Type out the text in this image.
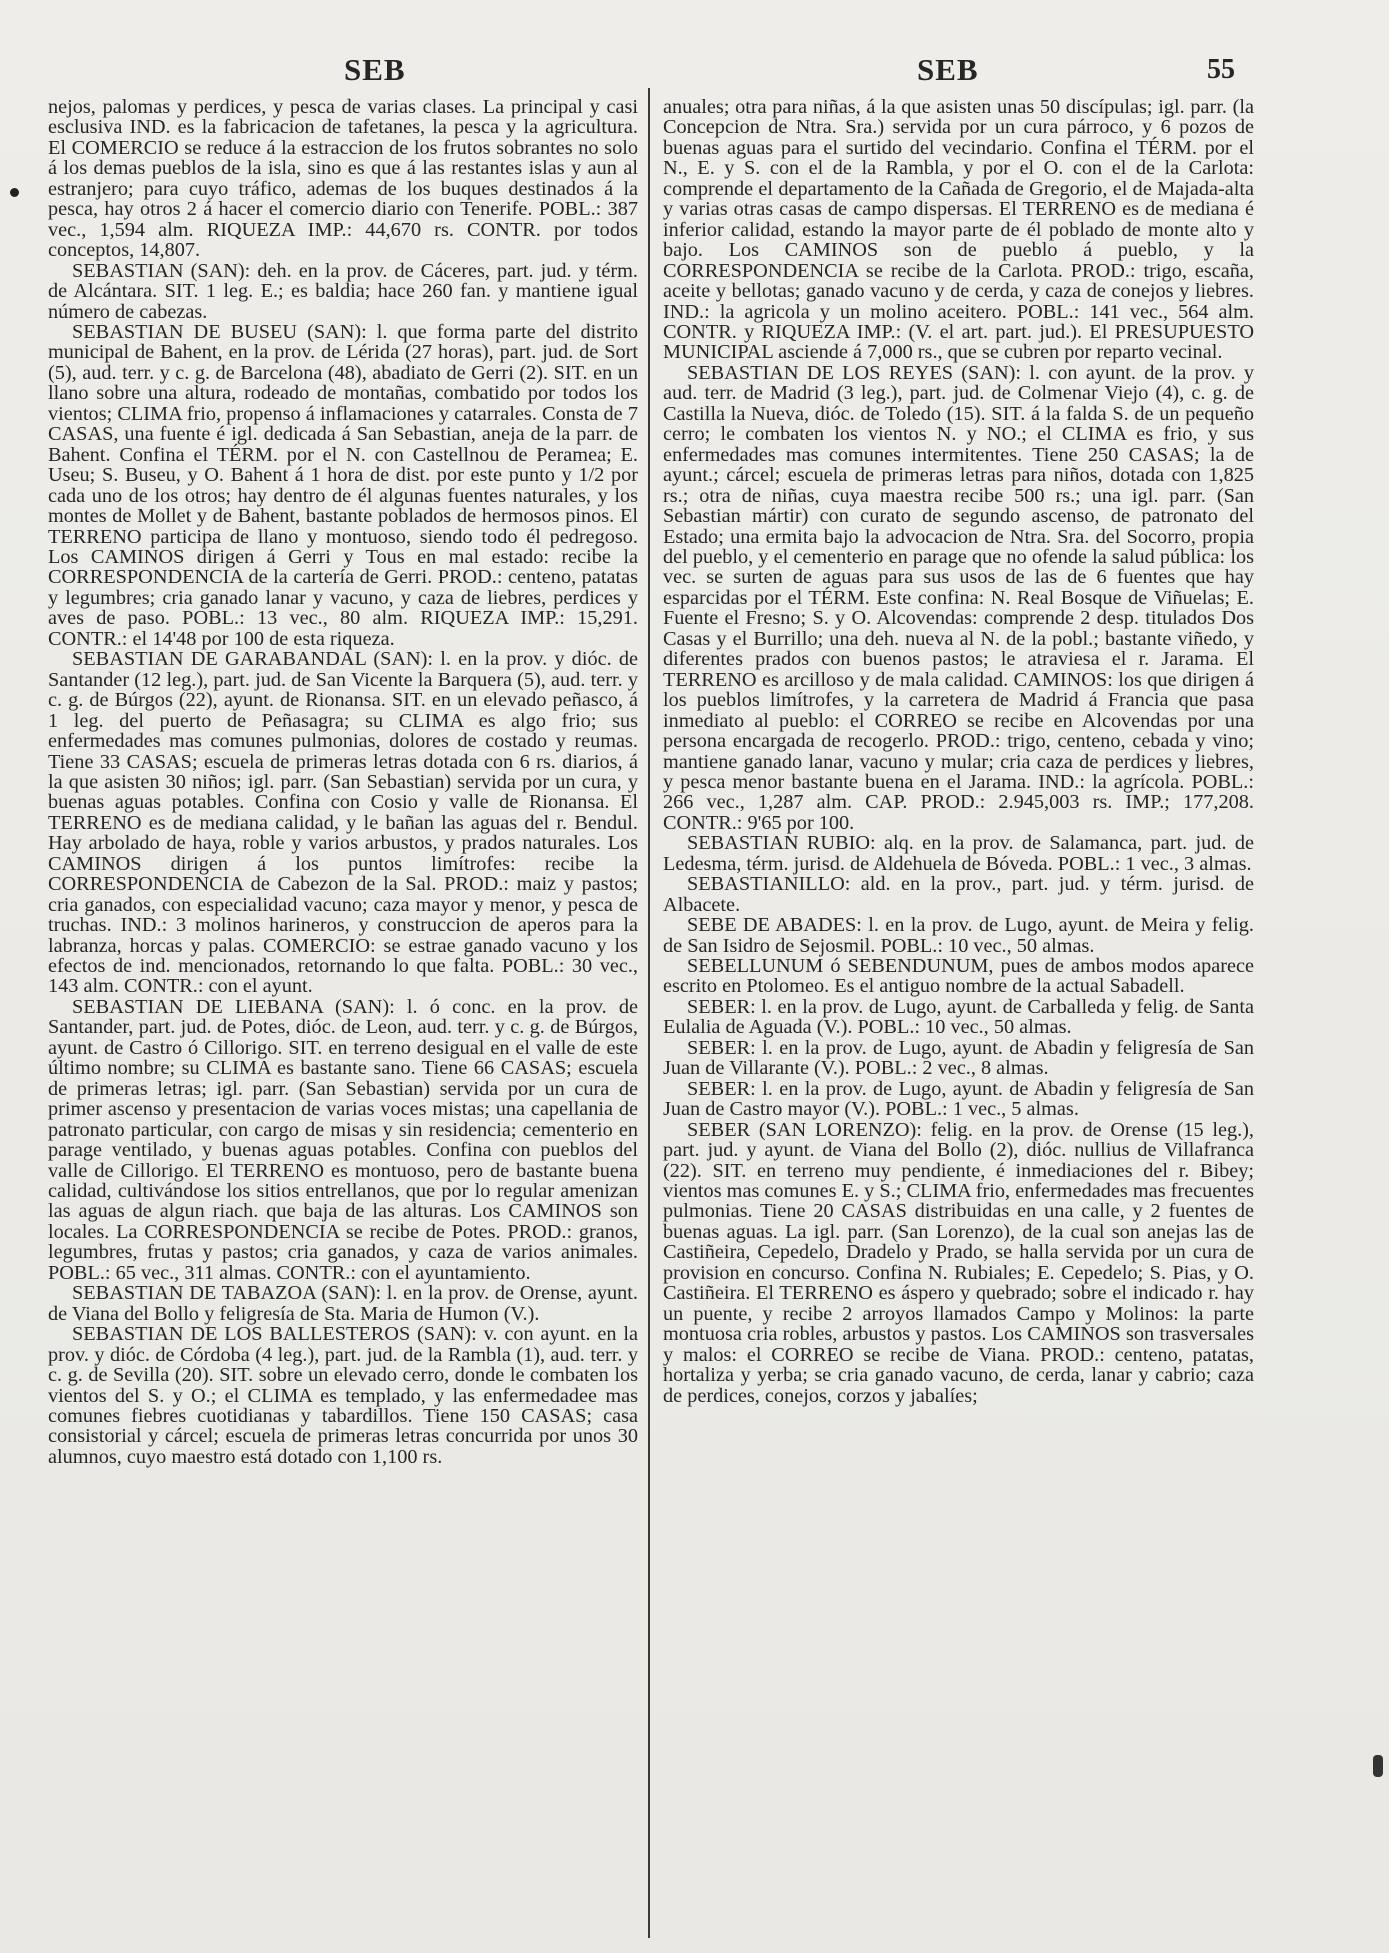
SEB	SEB	55

nejos, palomas y perdices, y pesca de varias clases. La principal y casi esclusiva IND. es la fabricacion de tafetanes, la pesca y la agricultura. El COMERCIO se reduce á la estraccion de los frutos sobrantes no solo á los demas pueblos de la isla, sino es que á las restantes islas y aun al estranjero; para cuyo tráfico, ademas de los buques destinados á la pesca, hay otros 2 á hacer el comercio diario con Tenerife. POBL.: 387 vec., 1,594 alm. RIQUEZA IMP.: 44,670 rs. CONTR. por todos conceptos, 14,807.

SEBASTIAN (SAN): deh. en la prov. de Cáceres, part. jud. y térm. de Alcántara. SIT. 1 leg. E.; es baldia; hace 260 fan. y mantiene igual número de cabezas.

SEBASTIAN DE BUSEU (SAN): l. que forma parte del distrito municipal de Bahent, en la prov. de Lérida (27 horas), part. jud. de Sort (5), aud. terr. y c. g. de Barcelona (48), abadiato de Gerri (2). SIT. en un llano sobre una altura, rodeado de montañas, combatido por todos los vientos; CLIMA frio, propenso á inflamaciones y catarrales. Consta de 7 CASAS, una fuente é igl. dedicada á San Sebastian, aneja de la parr. de Bahent. Confina el TÉRM. por el N. con Castellnou de Peramea; E. Useu; S. Buseu, y O. Bahent á 1 hora de dist. por este punto y 1/2 por cada uno de los otros; hay dentro de él algunas fuentes naturales, y los montes de Mollet y de Bahent, bastante poblados de hermosos pinos. El TERRENO participa de llano y montuoso, siendo todo él pedregoso. Los CAMINOS dirigen á Gerri y Tous en mal estado: recibe la CORRESPONDENCIA de la cartería de Gerri. PROD.: centeno, patatas y legumbres; cria ganado lanar y vacuno, y caza de liebres, perdices y aves de paso. POBL.: 13 vec., 80 alm. RIQUEZA IMP.: 15,291. CONTR.: el 14'48 por 100 de esta riqueza.

SEBASTIAN DE GARABANDAL (SAN): l. en la prov. y dióc. de Santander (12 leg.), part. jud. de San Vicente la Barquera (5), aud. terr. y c. g. de Búrgos (22), ayunt. de Rionansa. SIT. en un elevado peñasco, á 1 leg. del puerto de Peñasagra; su CLIMA es algo frio; sus enfermedades mas comunes pulmonias, dolores de costado y reumas. Tiene 33 CASAS; escuela de primeras letras dotada con 6 rs. diarios, á la que asisten 30 niños; igl. parr. (San Sebastian) servida por un cura, y buenas aguas potables. Confina con Cosio y valle de Rionansa. El TERRENO es de mediana calidad, y le bañan las aguas del r. Bendul. Hay arbolado de haya, roble y varios arbustos, y prados naturales. Los CAMINOS dirigen á los puntos limítrofes: recibe la CORRESPONDENCIA de Cabezon de la Sal. PROD.: maiz y pastos; cria ganados, con especialidad vacuno; caza mayor y menor, y pesca de truchas. IND.: 3 molinos harineros, y construccion de aperos para la labranza, horcas y palas. COMERCIO: se estrae ganado vacuno y los efectos de ind. mencionados, retornando lo que falta. POBL.: 30 vec., 143 alm. CONTR.: con el ayunt.

SEBASTIAN DE LIEBANA (SAN): l. ó conc. en la prov. de Santander, part. jud. de Potes, dióc. de Leon, aud. terr. y c. g. de Búrgos, ayunt. de Castro ó Cillorigo. SIT. en terreno desigual en el valle de este último nombre; su CLIMA es bastante sano. Tiene 66 CASAS; escuela de primeras letras; igl. parr. (San Sebastian) servida por un cura de primer ascenso y presentacion de varias voces mistas; una capellania de patronato particular, con cargo de misas y sin residencia; cementerio en parage ventilado, y buenas aguas potables. Confina con pueblos del valle de Cillorigo. El TERRENO es montuoso, pero de bastante buena calidad, cultivándose los sitios entrellanos, que por lo regular amenizan las aguas de algun riach. que baja de las alturas. Los CAMINOS son locales. La CORRESPONDENCIA se recibe de Potes. PROD.: granos, legumbres, frutas y pastos; cria ganados, y caza de varios animales. POBL.: 65 vec., 311 almas. CONTR.: con el ayuntamiento.

SEBASTIAN DE TABAZOA (SAN): l. en la prov. de Orense, ayunt. de Viana del Bollo y feligresía de Sta. Maria de Humon (V.).

SEBASTIAN DE LOS BALLESTEROS (SAN): v. con ayunt. en la prov. y dióc. de Córdoba (4 leg.), part. jud. de la Rambla (1), aud. terr. y c. g. de Sevilla (20). SIT. sobre un elevado cerro, donde le combaten los vientos del S. y O.; el CLIMA es templado, y las enfermedadee mas comunes fiebres cuotidianas y tabardillos. Tiene 150 CASAS; casa consistorial y cárcel; escuela de primeras letras concurrida por unos 30 alumnos, cuyo maestro está dotado con 1,100 rs.

anuales; otra para niñas, á la que asisten unas 50 discípulas; igl. parr. (la Concepcion de Ntra. Sra.) servida por un cura párroco, y 6 pozos de buenas aguas para el surtido del vecindario. Confina el TÉRM. por el N., E. y S. con el de la Rambla, y por el O. con el de la Carlota: comprende el departamento de la Cañada de Gregorio, el de Majada-alta y varias otras casas de campo dispersas. El TERRENO es de mediana é inferior calidad, estando la mayor parte de él poblado de monte alto y bajo. Los CAMINOS son de pueblo á pueblo, y la CORRESPONDENCIA se recibe de la Carlota. PROD.: trigo, escaña, aceite y bellotas; ganado vacuno y de cerda, y caza de conejos y liebres. IND.: la agricola y un molino aceitero. POBL.: 141 vec., 564 alm. CONTR. y RIQUEZA IMP.: (V. el art. part. jud.). El PRESUPUESTO MUNICIPAL asciende á 7,000 rs., que se cubren por reparto vecinal.

SEBASTIAN DE LOS REYES (SAN): l. con ayunt. de la prov. y aud. terr. de Madrid (3 leg.), part. jud. de Colmenar Viejo (4), c. g. de Castilla la Nueva, dióc. de Toledo (15). SIT. á la falda S. de un pequeño cerro; le combaten los vientos N. y NO.; el CLIMA es frio, y sus enfermedades mas comunes intermitentes. Tiene 250 CASAS; la de ayunt.; cárcel; escuela de primeras letras para niños, dotada con 1,825 rs.; otra de niñas, cuya maestra recibe 500 rs.; una igl. parr. (San Sebastian mártir) con curato de segundo ascenso, de patronato del Estado; una ermita bajo la advocacion de Ntra. Sra. del Socorro, propia del pueblo, y el cementerio en parage que no ofende la salud pública: los vec. se surten de aguas para sus usos de las de 6 fuentes que hay esparcidas por el TÉRM. Este confina: N. Real Bosque de Viñuelas; E. Fuente el Fresno; S. y O. Alcovendas: comprende 2 desp. titulados Dos Casas y el Burrillo; una deh. nueva al N. de la pobl.; bastante viñedo, y diferentes prados con buenos pastos; le atraviesa el r. Jarama. El TERRENO es arcilloso y de mala calidad. CAMINOS: los que dirigen á los pueblos limítrofes, y la carretera de Madrid á Francia que pasa inmediato al pueblo: el CORREO se recibe en Alcovendas por una persona encargada de recogerlo. PROD.: trigo, centeno, cebada y vino; mantiene ganado lanar, vacuno y mular; cria caza de perdices y liebres, y pesca menor bastante buena en el Jarama. IND.: la agrícola. POBL.: 266 vec., 1,287 alm. CAP. PROD.: 2.945,003 rs. IMP.; 177,208. CONTR.: 9'65 por 100.

SEBASTIAN RUBIO: alq. en la prov. de Salamanca, part. jud. de Ledesma, térm. jurisd. de Aldehuela de Bóveda. POBL.: 1 vec., 3 almas.

SEBASTIANILLO: ald. en la prov., part. jud. y térm. jurisd. de Albacete.

SEBE DE ABADES: l. en la prov. de Lugo, ayunt. de Meira y felig. de San Isidro de Sejosmil. POBL.: 10 vec., 50 almas.

SEBELLUNUM ó SEBENDUNUM, pues de ambos modos aparece escrito en Ptolomeo. Es el antiguo nombre de la actual Sabadell.

SEBER: l. en la prov. de Lugo, ayunt. de Carballeda y felig. de Santa Eulalia de Aguada (V.). POBL.: 10 vec., 50 almas.

SEBER: l. en la prov. de Lugo, ayunt. de Abadin y feligresía de San Juan de Villarante (V.). POBL.: 2 vec., 8 almas.

SEBER: l. en la prov. de Lugo, ayunt. de Abadin y feligresía de San Juan de Castro mayor (V.). POBL.: 1 vec., 5 almas.

SEBER (SAN LORENZO): felig. en la prov. de Orense (15 leg.), part. jud. y ayunt. de Viana del Bollo (2), dióc. nullius de Villafranca (22). SIT. en terreno muy pendiente, é inmediaciones del r. Bibey; vientos mas comunes E. y S.; CLIMA frio, enfermedades mas frecuentes pulmonias. Tiene 20 CASAS distribuidas en una calle, y 2 fuentes de buenas aguas. La igl. parr. (San Lorenzo), de la cual son anejas las de Castiñeira, Cepedelo, Dradelo y Prado, se halla servida por un cura de provision en concurso. Confina N. Rubiales; E. Cepedelo; S. Pias, y O. Castiñeira. El TERRENO es áspero y quebrado; sobre el indicado r. hay un puente, y recibe 2 arroyos llamados Campo y Molinos: la parte montuosa cria robles, arbustos y pastos. Los CAMINOS son trasversales y malos: el CORREO se recibe de Viana. PROD.: centeno, patatas, hortaliza y yerba; se cria ganado vacuno, de cerda, lanar y cabrio; caza de perdices, conejos, corzos y jabalíes;
